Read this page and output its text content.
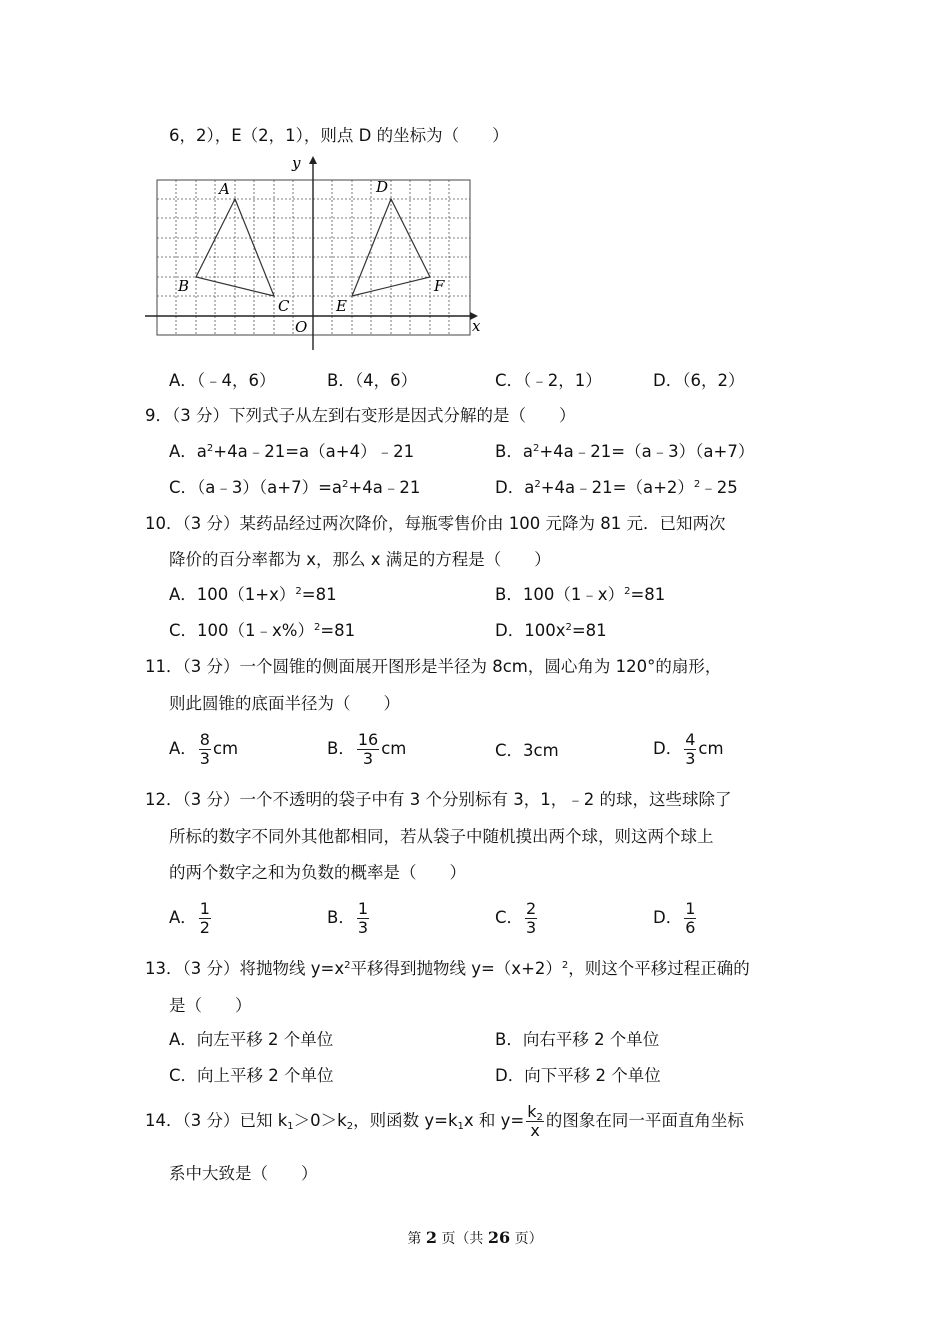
6，2），E（2，1），则点 D 的坐标为（　　）
y
A	D
B
C	E
F
O	x
A．（﹣4，6）	B．（4，6）	C．（﹣2，1）	D．（6，2）
9．（3 分）下列式子从左到右变形是因式分解的是（　　）
A．$a^2+4a﹣21=a(a+4)﹣21$	B．$a^2+4a﹣21=(a﹣3)(a+7)$
C．$(a﹣3)(a+7)=a^2+4a﹣21$	D．$a^2+4a﹣21=(a+2)^2﹣25$
10．（3 分）某药品经过两次降价，每瓶零售价由 100 元降为 81 元．已知两次
降价的百分率都为 x，那么 x 满足的方程是（　　）
A．$100(1+x)^2=81$	B．100（1﹣x）$^2$=81
C．100（1﹣x%）$^2$=81	D．$100x^2=81$
11．（3 分）一个圆锥的侧面展开图形是半径为 8cm，圆心角为 120°的扇形，
则此圆锥的底面半径为（　　）
A． $\frac{8}{3}$ cm	B． $\frac{16}{3}$ cm	C．3cm	D． $\frac{4}{3}$ cm
12．（3 分）一个不透明的袋子中有 3 个分别标有 3，1，﹣2 的球，这些球除了
所标的数字不同外其他都相同，若从袋子中随机摸出两个球，则这两个球上
的两个数字之和为负数的概率是（　　）
A． $\frac{1}{2}$	B． $\frac{1}{3}$	C． $\frac{2}{3}$	D． $\frac{1}{6}$
13．（3 分）将抛物线 $y=x^2$平移得到抛物线 $y=(x+2)^2$，则这个平移过程正确的
是（　　）
A．向左平移 2 个单位	B．向右平移 2 个单位
C．向上平移 2 个单位	D．向下平移 2 个单位
14．（3 分）已知 $k_1>0>k_2$，则函数 $y=k_1x$ 和 $y= \frac{k_2}{x}$ 的图象在同一平面直角坐标
系中大致是（　　）
第 2 页（共 26 页）
